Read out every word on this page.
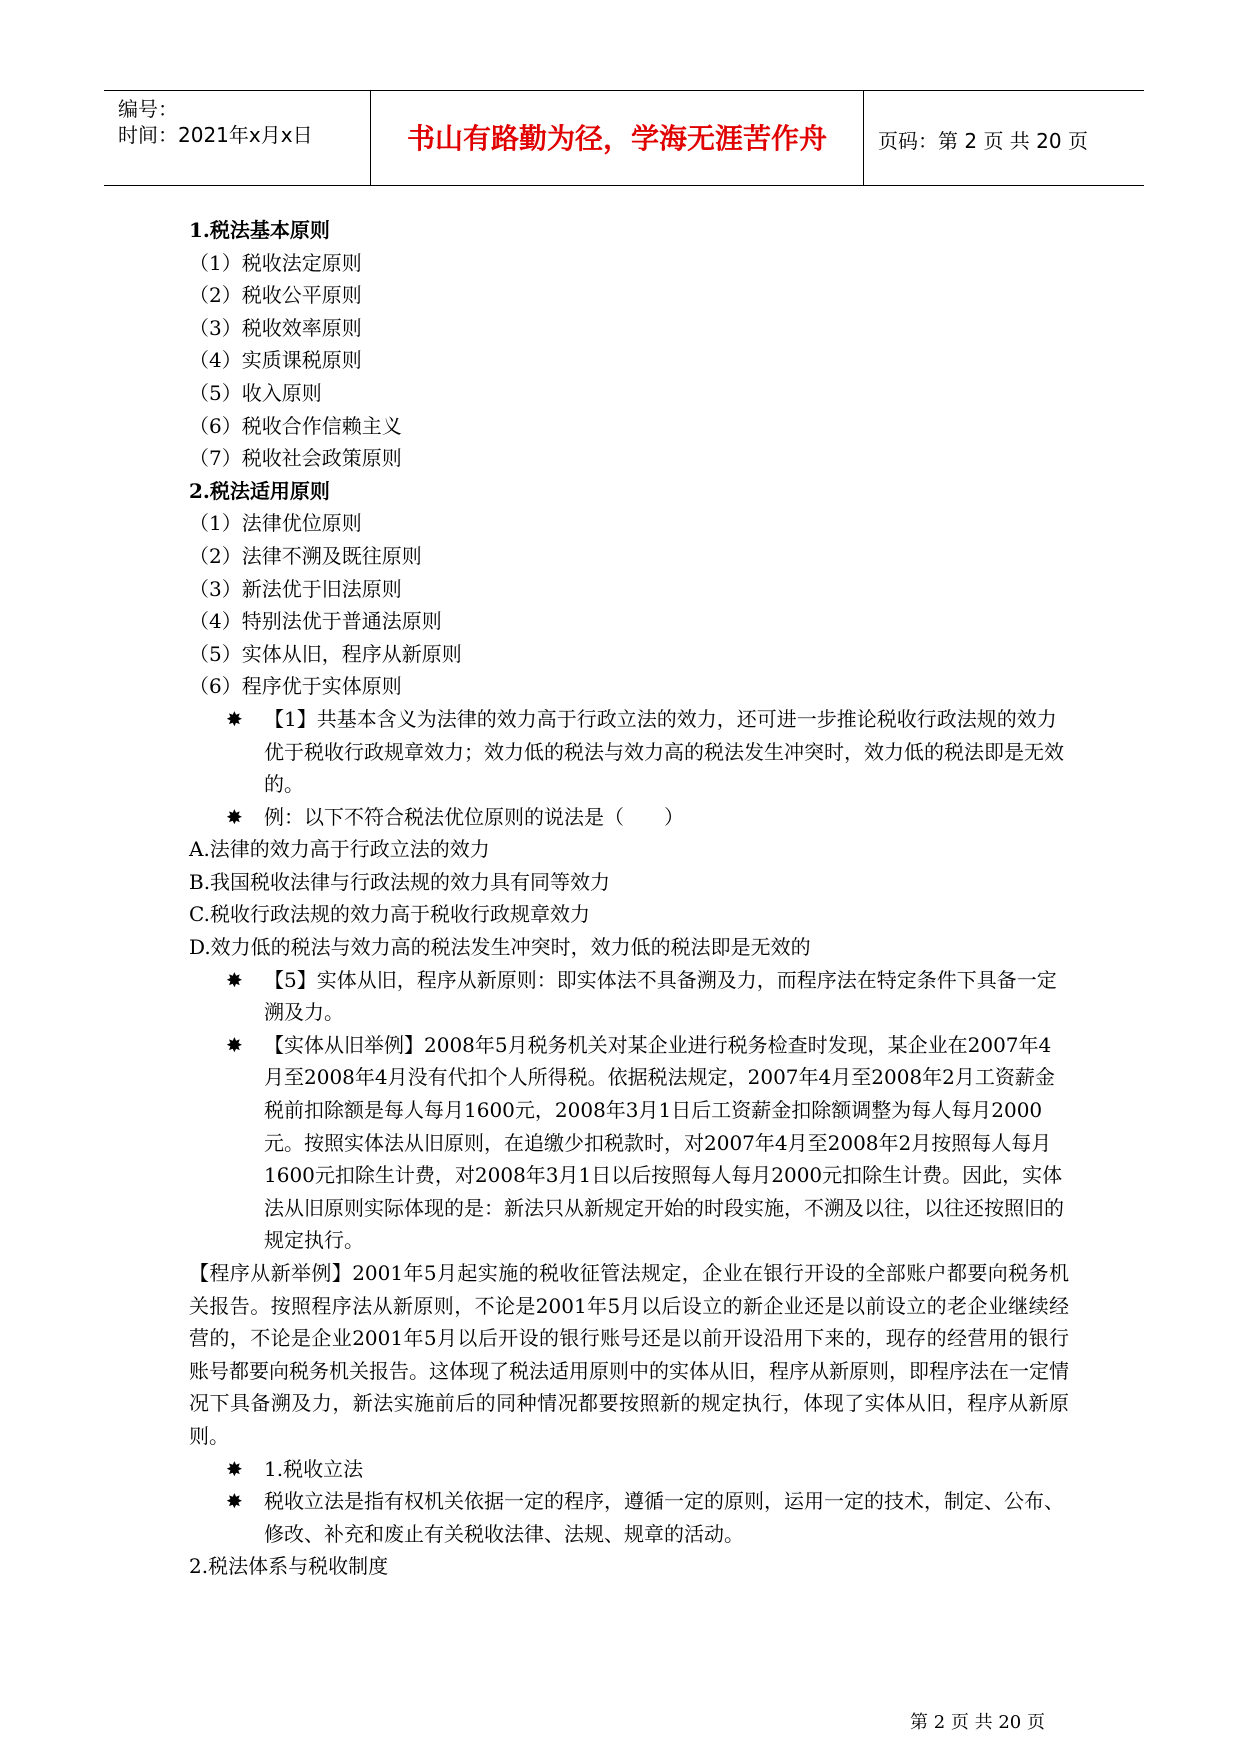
编号：
时间：2021年x月x日	书山有路勤为径，学海无涯苦作舟	页码：第 2 页 共 20 页
1.税法基本原则
（1）税收法定原则
（2）税收公平原则
（3）税收效率原则
（4）实质课税原则
（5）收入原则
（6）税收合作信赖主义
（7）税收社会政策原则
2.税法适用原则
（1）法律优位原则
（2）法律不溯及既往原则
（3）新法优于旧法原则
（4）特别法优于普通法原则
（5）实体从旧，程序从新原则
（6）程序优于实体原则
✸ 【1】共基本含义为法律的效力高于行政立法的效力，还可进一步推论税收行政法规的效力优于税收行政规章效力；效力低的税法与效力高的税法发生冲突时，效力低的税法即是无效的。
✸ 例：以下不符合税法优位原则的说法是（　　）
A.法律的效力高于行政立法的效力
B.我国税收法律与行政法规的效力具有同等效力
C.税收行政法规的效力高于税收行政规章效力
D.效力低的税法与效力高的税法发生冲突时，效力低的税法即是无效的
✸ 【5】实体从旧，程序从新原则：即实体法不具备溯及力，而程序法在特定条件下具备一定溯及力。
✸ 【实体从旧举例】2008年5月税务机关对某企业进行税务检查时发现，某企业在2007年4月至2008年4月没有代扣个人所得税。依据税法规定，2007年4月至2008年2月工资薪金税前扣除额是每人每月1600元，2008年3月1日后工资薪金扣除额调整为每人每月2000元。按照实体法从旧原则，在追缴少扣税款时，对2007年4月至2008年2月按照每人每月1600元扣除生计费，对2008年3月1日以后按照每人每月2000元扣除生计费。因此，实体法从旧原则实际体现的是：新法只从新规定开始的时段实施，不溯及以往，以往还按照旧的规定执行。
【程序从新举例】2001年5月起实施的税收征管法规定，企业在银行开设的全部账户都要向税务机关报告。按照程序法从新原则，不论是2001年5月以后设立的新企业还是以前设立的老企业继续经营的，不论是企业2001年5月以后开设的银行账号还是以前开设沿用下来的，现存的经营用的银行账号都要向税务机关报告。这体现了税法适用原则中的实体从旧，程序从新原则，即程序法在一定情况下具备溯及力，新法实施前后的同种情况都要按照新的规定执行，体现了实体从旧，程序从新原则。
✸ 1.税收立法
✸ 税收立法是指有权机关依据一定的程序，遵循一定的原则，运用一定的技术，制定、公布、修改、补充和废止有关税收法律、法规、规章的活动。
2.税法体系与税收制度
第 2 页 共 20 页
